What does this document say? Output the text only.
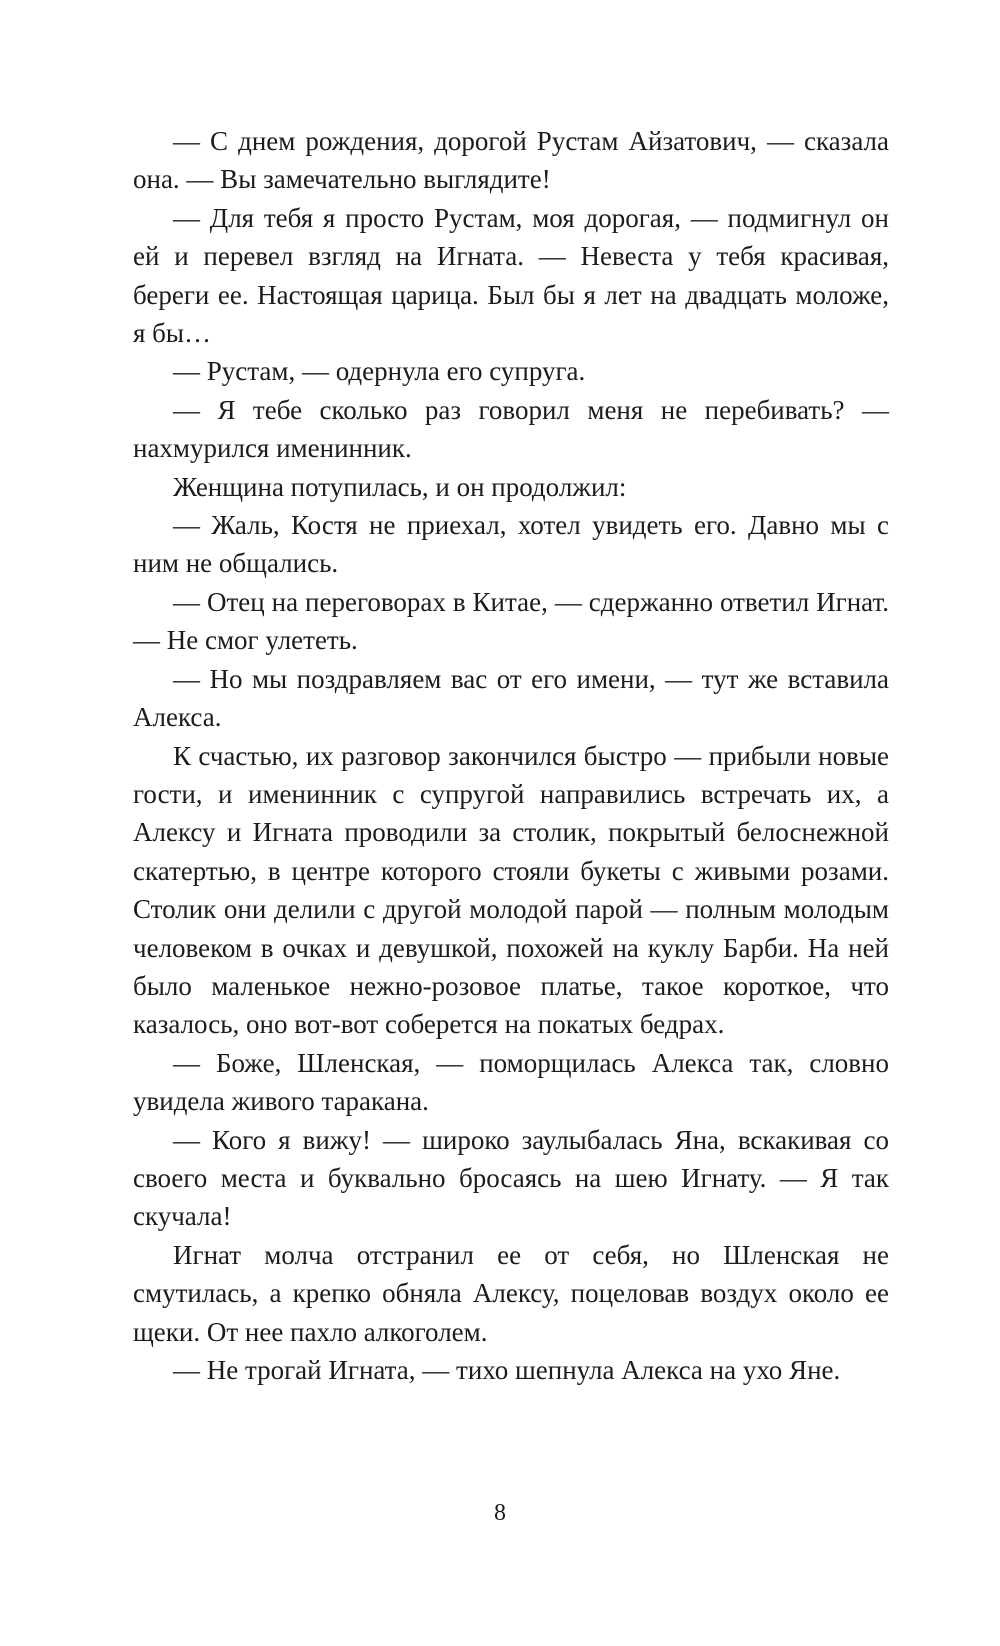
— С днем рождения, дорогой Рустам Айзатович, — сказала она. — Вы замечательно выглядите!

— Для тебя я просто Рустам, моя дорогая, — подмигнул он ей и перевел взгляд на Игната. — Невеста у тебя красивая, береги ее. Настоящая царица. Был бы я лет на двадцать моложе, я бы…

— Рустам, — одернула его супруга.

— Я тебе сколько раз говорил меня не перебивать? — нахмурился именинник.

Женщина потупилась, и он продолжил:

— Жаль, Костя не приехал, хотел увидеть его. Давно мы с ним не общались.

— Отец на переговорах в Китае, — сдержанно ответил Игнат. — Не смог улететь.

— Но мы поздравляем вас от его имени, — тут же вставила Алекса.

К счастью, их разговор закончился быстро — прибыли новые гости, и именинник с супругой направились встречать их, а Алексу и Игната проводили за столик, покрытый белоснежной скатертью, в центре которого стояли букеты с живыми розами. Столик они делили с другой молодой парой — полным молодым человеком в очках и девушкой, похожей на куклу Барби. На ней было маленькое нежно-розовое платье, такое короткое, что казалось, оно вот-вот соберется на покатых бедрах.

— Боже, Шленская, — поморщилась Алекса так, словно увидела живого таракана.

— Кого я вижу! — широко заулыбалась Яна, вскакивая со своего места и буквально бросаясь на шею Игнату. — Я так скучала!

Игнат молча отстранил ее от себя, но Шленская не смутилась, а крепко обняла Алексу, поцеловав воздух около ее щеки. От нее пахло алкоголем.

— Не трогай Игната, — тихо шепнула Алекса на ухо Яне.

8
